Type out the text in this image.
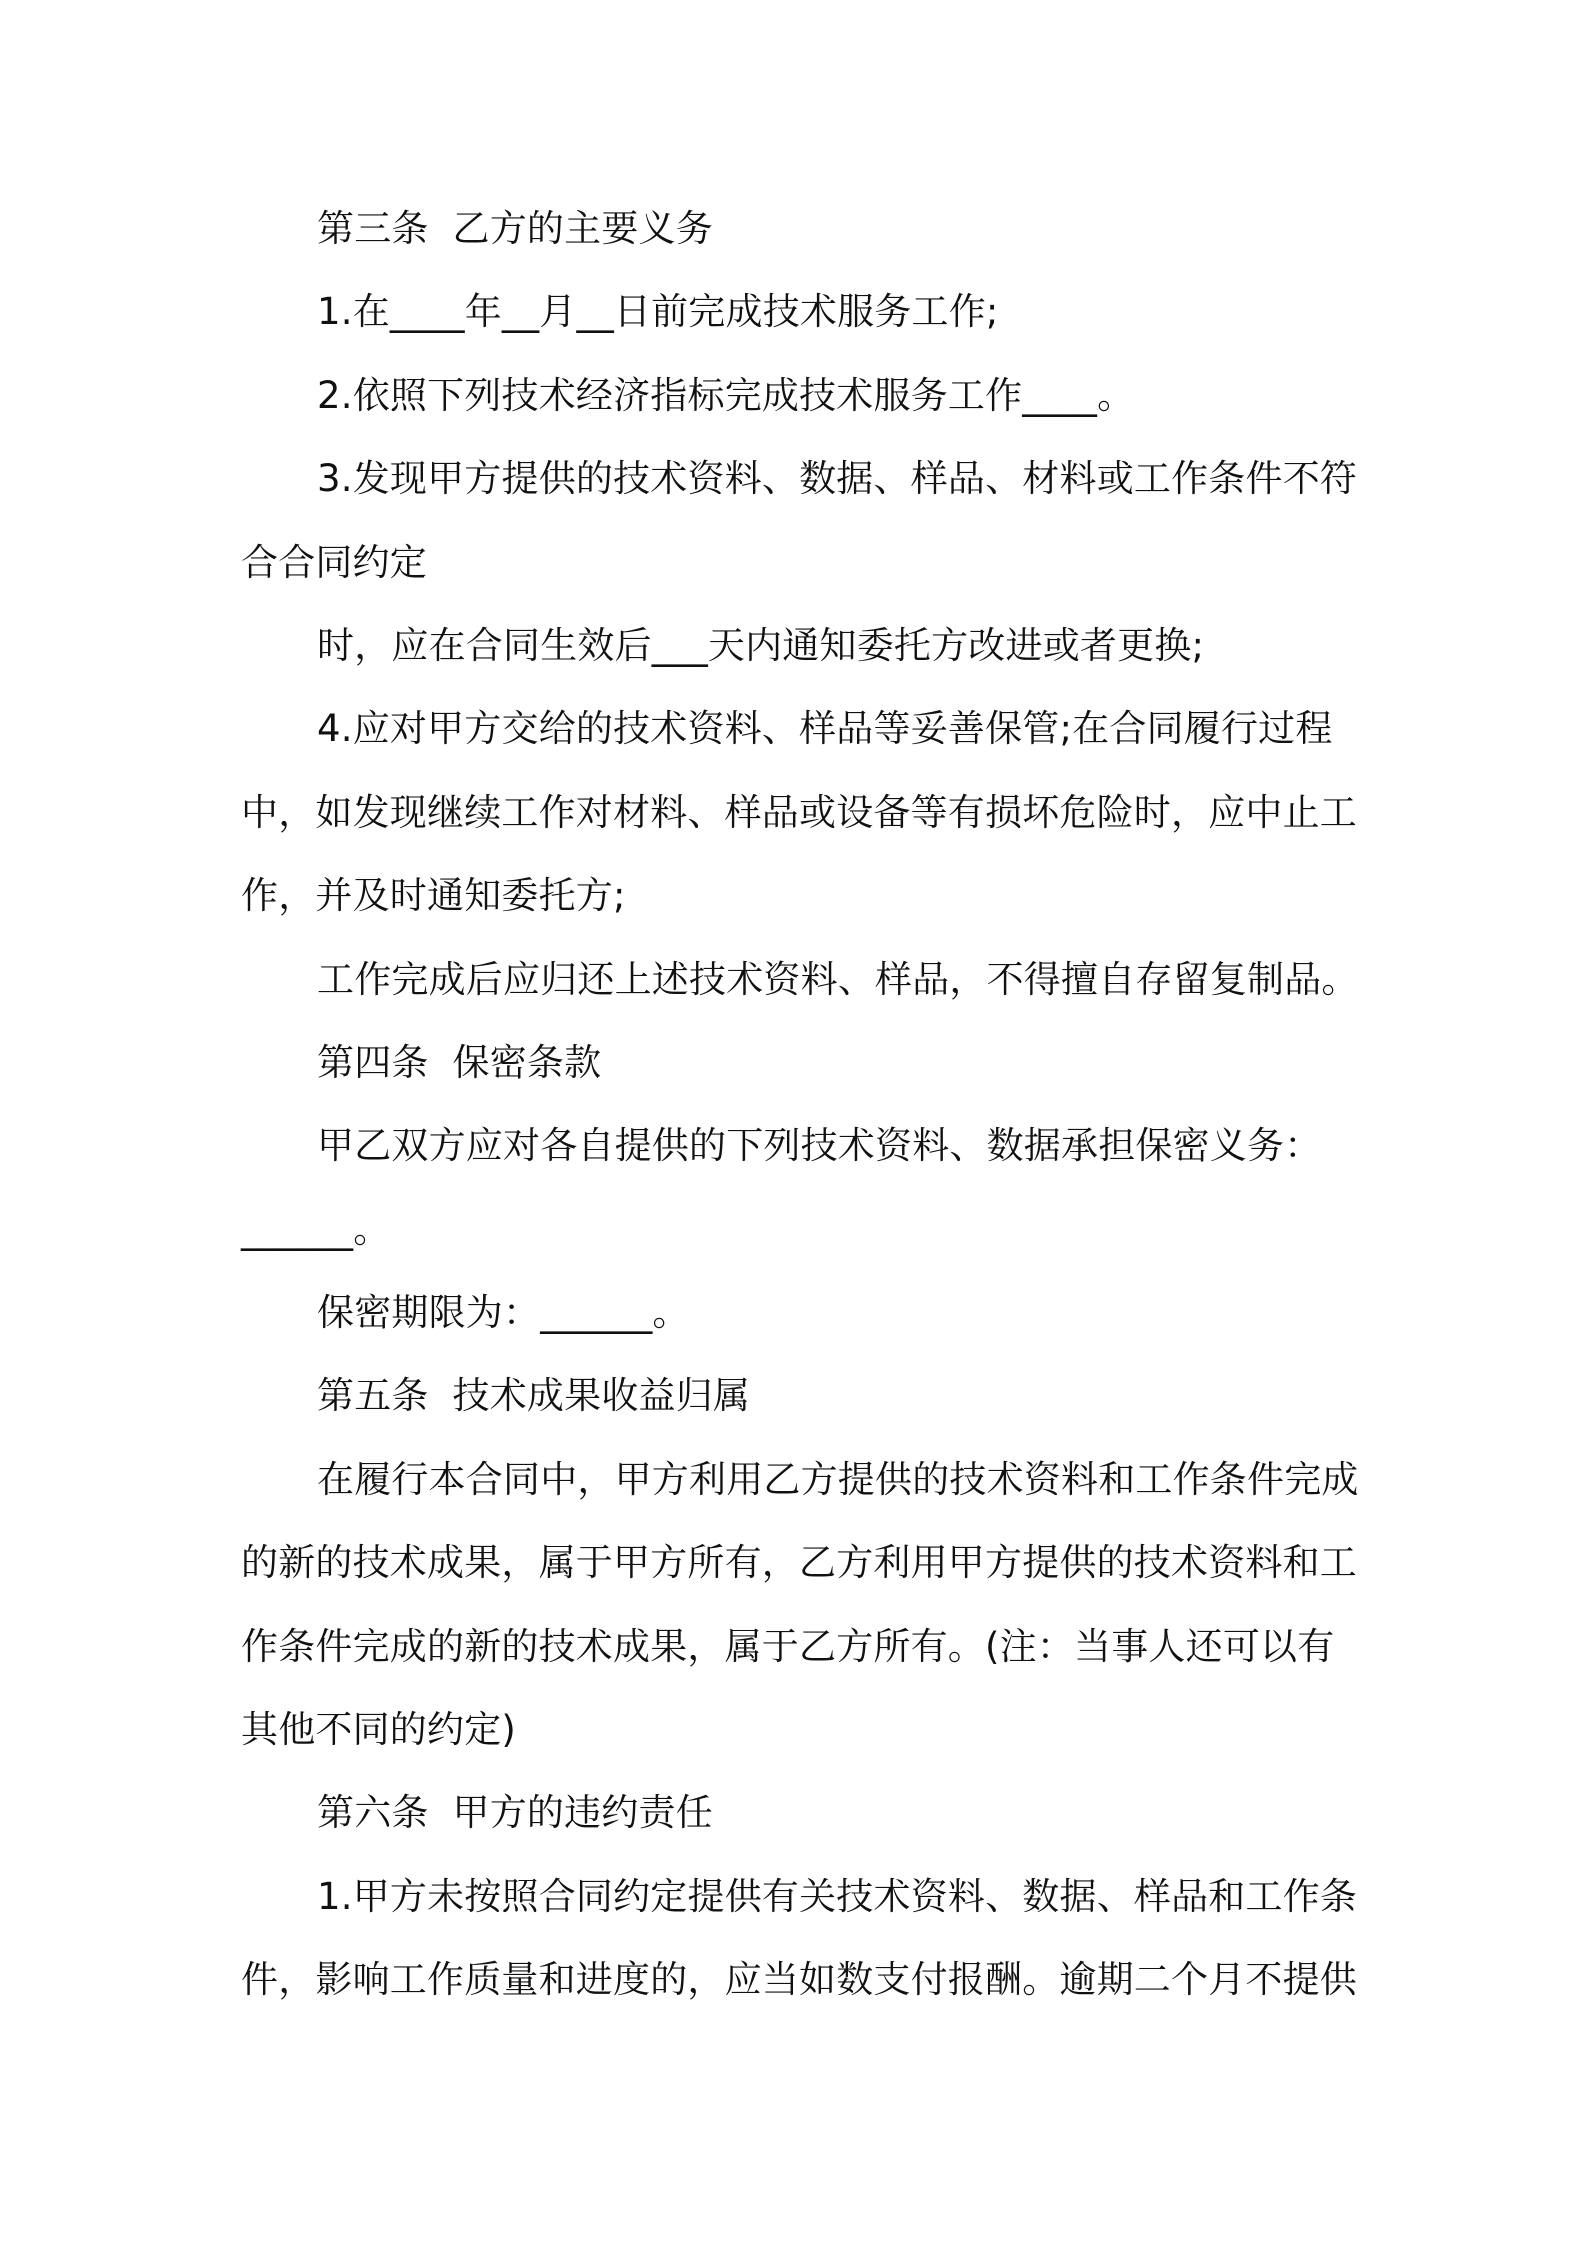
第三条  乙方的主要义务
1.在____年__月__日前完成技术服务工作;
2.依照下列技术经济指标完成技术服务工作____。
3.发现甲方提供的技术资料、数据、样品、材料或工作条件不符
合合同约定
时，应在合同生效后___天内通知委托方改进或者更换;
4.应对甲方交给的技术资料、样品等妥善保管;在合同履行过程
中，如发现继续工作对材料、样品或设备等有损坏危险时，应中止工
作，并及时通知委托方;
工作完成后应归还上述技术资料、样品，不得擅自存留复制品。
第四条  保密条款
甲乙双方应对各自提供的下列技术资料、数据承担保密义务：
______。
保密期限为：______。
第五条  技术成果收益归属
在履行本合同中，甲方利用乙方提供的技术资料和工作条件完成
的新的技术成果，属于甲方所有，乙方利用甲方提供的技术资料和工
作条件完成的新的技术成果，属于乙方所有。(注：当事人还可以有
其他不同的约定)
第六条  甲方的违约责任
1.甲方未按照合同约定提供有关技术资料、数据、样品和工作条
件，影响工作质量和进度的，应当如数支付报酬。逾期二个月不提供
